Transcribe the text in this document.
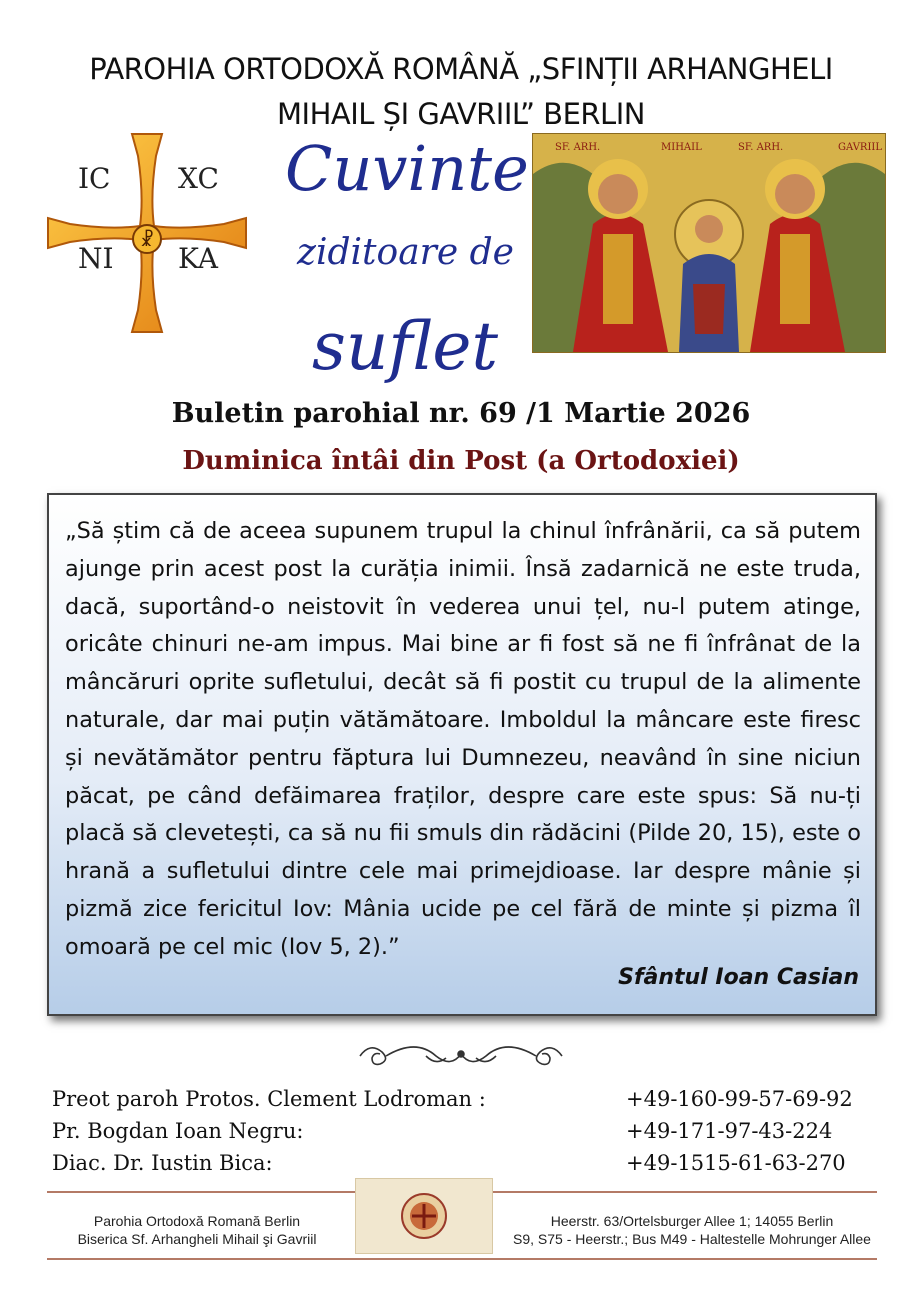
PAROHIA ORTODOXĂ ROMÂNĂ „SFINȚII ARHANGHELI
MIHAIL ȘI GAVRIIL” BERLIN
☧
IC XC
NI KA
Cuvinte
ziditoare de
suflet
SF. ARH.	MIHAIL	SF. ARH.	GAVRIIL
Buletin parohial nr. 69 /1 Martie 2026
Duminica întâi din Post (a Ortodoxiei)
„Să știm că de aceea supunem trupul la chinul înfrânării, ca să putem ajunge prin acest post la curăția inimii. Însă zadarnică ne este truda, dacă, suportând-o neistovit în vederea unui țel, nu-l putem atinge, oricâte chinuri ne-am impus. Mai bine ar fi fost să ne fi înfrânat de la mâncăruri oprite sufletului, decât să fi postit cu trupul de la alimente naturale, dar mai puțin vătămătoare. Imboldul la mâncare este firesc și nevătămător pentru făptura lui Dumnezeu, neavând în sine niciun păcat, pe când defăimarea fraților, despre care este spus: Să nu-ți placă să clevetești, ca să nu fii smuls din rădăcini (Pilde 20, 15), este o hrană a sufletului dintre cele mai primejdioase. Iar despre mânie și pizmă zice fericitul Iov: Mânia ucide pe cel fără de minte și pizma îl omoară pe cel mic (Iov 5, 2).”
Sfântul Ioan Casian
Preot paroh Protos. Clement Lodroman :	+49-160-99-57-69-92
Pr. Bogdan Ioan Negru:	+49-171-97-43-224
Diac. Dr. Iustin Bica:	+49-1515-61-63-270
Parohia Ortodoxă Romană Berlin
Biserica Sf. Arhangheli Mihail şi Gavriil
Heerstr. 63/Ortelsburger Allee 1; 14055 Berlin
S9, S75 - Heerstr.; Bus M49 - Haltestelle Mohrunger Allee
